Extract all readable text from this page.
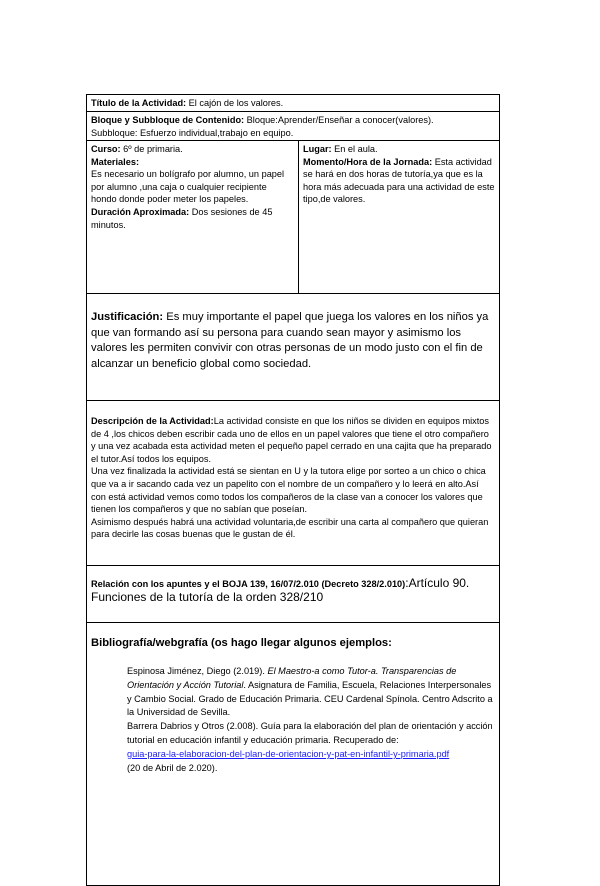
Título de la Actividad: El cajón de los valores.
Bloque y Subbloque de Contenido: Bloque:Aprender/Enseñar a conocer(valores).
Subbloque: Esfuerzo individual,trabajo en equipo.
Curso: 6º de primaria.
Materiales:
Es necesario un bolígrafo por alumno, un papel por alumno ,una caja o cualquier recipiente hondo donde poder meter los papeles.
Duración Aproximada: Dos sesiones de 45 minutos.
Lugar: En el aula.
Momento/Hora de la Jornada: Esta actividad se hará en dos horas de tutoría,ya que es la hora más adecuada para una actividad de este tipo,de valores.
Justificación: Es muy importante el papel que juega los valores en los niños ya que van formando así su persona para cuando sean mayor y asimismo los valores les permiten convivir con otras personas de un modo justo con el fin de alcanzar un beneficio global como sociedad.
Descripción de la Actividad:La actividad consiste en que los niños se dividen en equipos mixtos de 4 ,los chicos deben escribir cada uno de ellos en un papel valores que tiene el otro compañero y una vez acabada esta actividad meten el pequeño papel cerrado en una cajita que ha preparado el tutor.Así todos los equipos.
Una vez finalizada la actividad está se sientan en U y la tutora elige por sorteo a un chico o chica que va a ir sacando cada vez un papelito con el nombre de un compañero y lo leerá en alto.Así con está actividad vemos como todos los compañeros de la clase van a conocer los valores que tienen los compañeros y que no sabían que poseían.
Asimismo después habrá una actividad voluntaria,de escribir una carta al compañero que quieran para decirle las cosas buenas que le gustan de él.
Relación con los apuntes y el BOJA 139, 16/07/2.010 (Decreto 328/2.010):Artículo 90.
Funciones de la tutoría de la orden 328/210
Bibliografía/webgrafía (os hago llegar algunos ejemplos:
Espinosa Jiménez, Diego (2.019). El Maestro-a como Tutor-a. Transparencias de Orientación y Acción Tutorial. Asignatura de Familia, Escuela, Relaciones Interpersonales y Cambio Social. Grado de Educación Primaria. CEU Cardenal Spínola. Centro Adscrito a la Universidad de Sevilla.
Barrera Dabrios y Otros (2.008). Guía para la elaboración del plan de orientación y acción tutorial en educación infantil y educación primaria. Recuperado de:
guia-para-la-elaboracion-del-plan-de-orientacion-y-pat-en-infantil-y-primaria.pdf
(20 de Abril de 2.020).
